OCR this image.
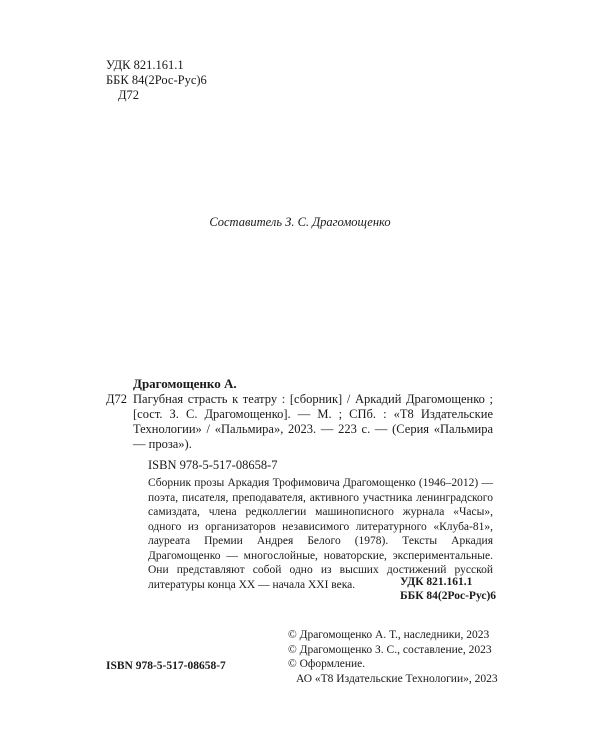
УДК 821.161.1
ББК 84(2Рос-Рус)6
Д72
Составитель З. С. Драгомощенко
Драгомощенко А.
Д72 Пагубная страсть к театру : [сборник] / Аркадий Драгомощенко ; [сост. З. С. Драгомощенко]. — М. ; СПб. : «Т8 Издательские Технологии» / «Пальмира», 2023. — 223 с. — (Серия «Пальмира — проза»).
ISBN 978-5-517-08658-7
Сборник прозы Аркадия Трофимовича Драгомощенко (1946–2012) — поэта, писателя, преподавателя, активного участника ленинградского самиздата, члена редколлегии машинописного журнала «Часы», одного из организаторов независимого литературного «Клуба-81», лауреата Премии Андрея Белого (1978). Тексты Аркадия Драгомощенко — многослойные, новаторские, экспериментальные. Они представляют собой одно из высших достижений русской литературы конца XX — начала XXI века.	УДК 821.161.1
ББК 84(2Рос-Рус)6
© Драгомощенко А. Т., наследники, 2023
© Драгомощенко З. С., составление, 2023
© Оформление.
АО «Т8 Издательские Технологии», 2023
ISBN 978-5-517-08658-7
